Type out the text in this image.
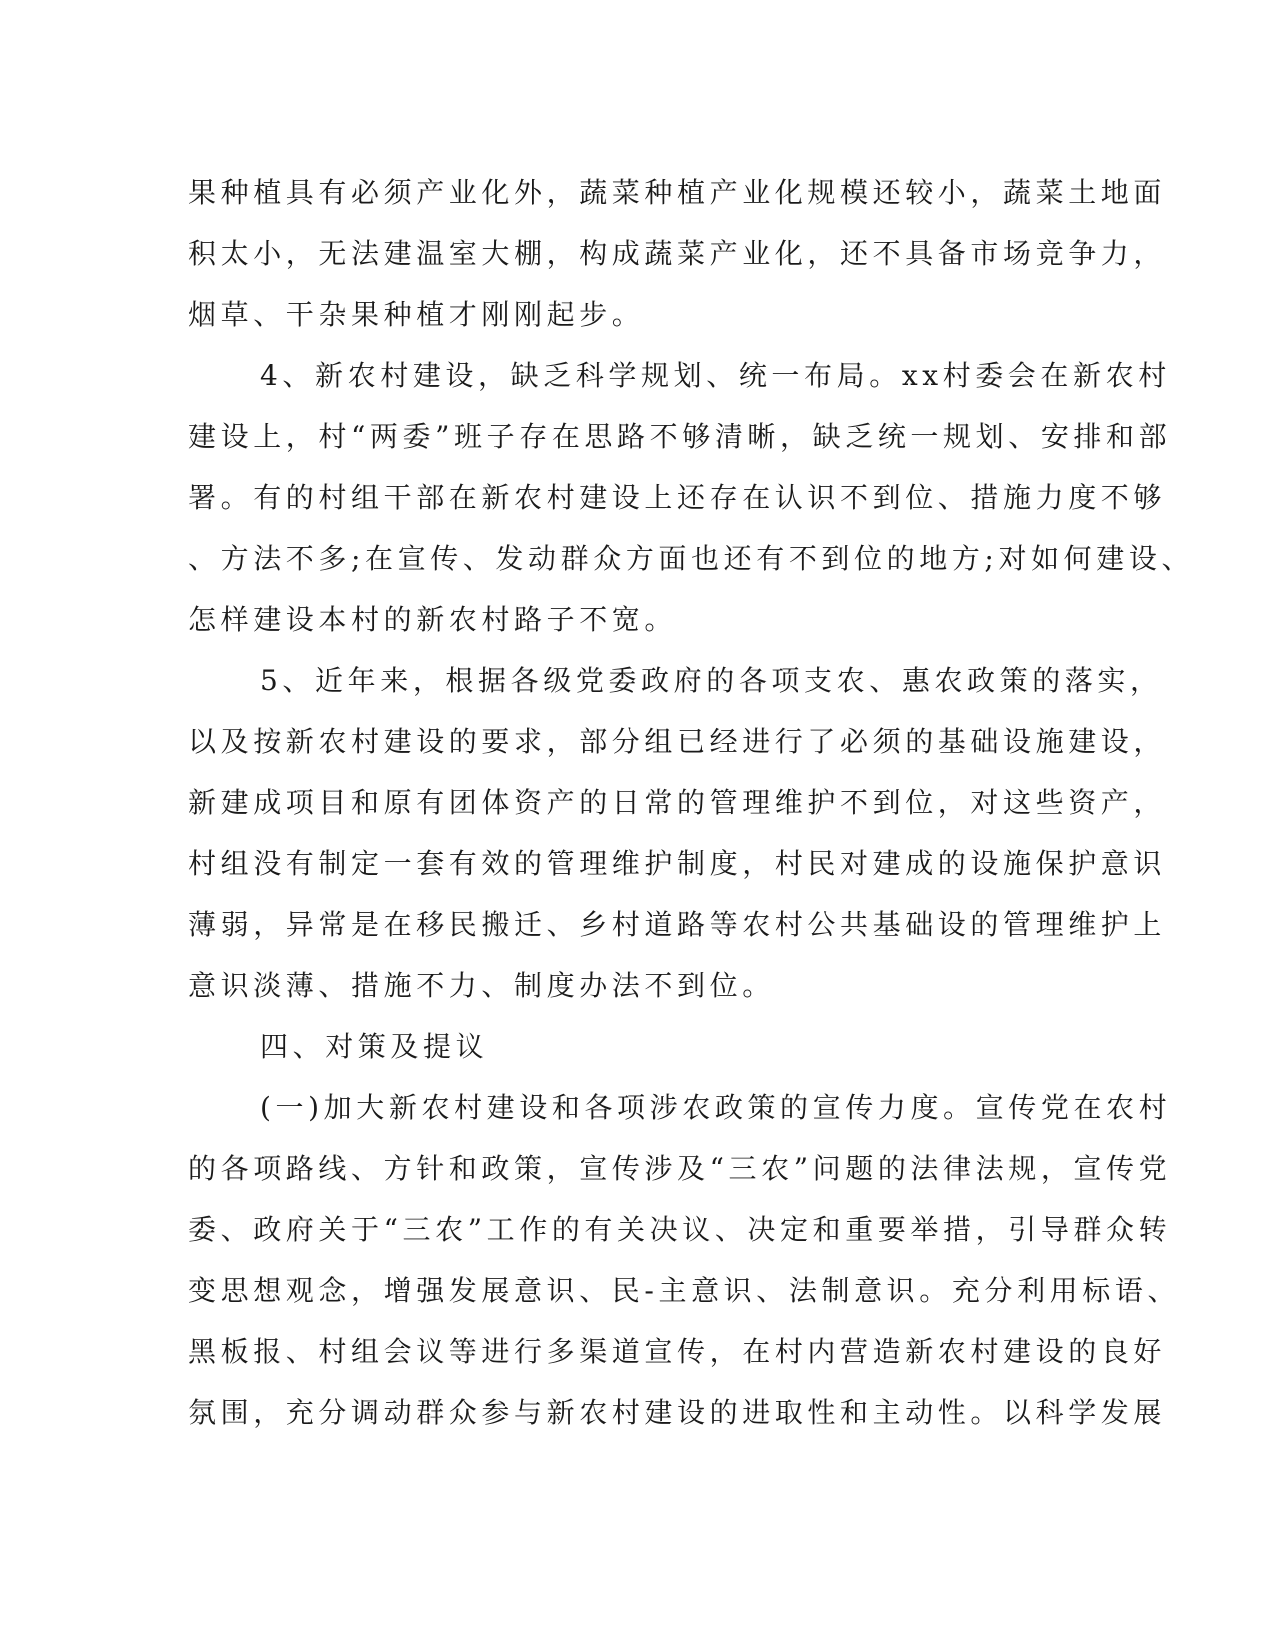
果种植具有必须产业化外，蔬菜种植产业化规模还较小，蔬菜土地面
积太小，无法建温室大棚，构成蔬菜产业化，还不具备市场竞争力，
烟草、干杂果种植才刚刚起步。
4、新农村建设，缺乏科学规划、统一布局。xx村委会在新农村
建设上，村“两委”班子存在思路不够清晰，缺乏统一规划、安排和部
署。有的村组干部在新农村建设上还存在认识不到位、措施力度不够
、方法不多;在宣传、发动群众方面也还有不到位的地方;对如何建设、
怎样建设本村的新农村路子不宽。
5、近年来，根据各级党委政府的各项支农、惠农政策的落实，
以及按新农村建设的要求，部分组已经进行了必须的基础设施建设，
新建成项目和原有团体资产的日常的管理维护不到位，对这些资产，
村组没有制定一套有效的管理维护制度，村民对建成的设施保护意识
薄弱，异常是在移民搬迁、乡村道路等农村公共基础设的管理维护上
意识淡薄、措施不力、制度办法不到位。
四、对策及提议
(一)加大新农村建设和各项涉农政策的宣传力度。宣传党在农村
的各项路线、方针和政策，宣传涉及“三农”问题的法律法规，宣传党
委、政府关于“三农”工作的有关决议、决定和重要举措，引导群众转
变思想观念，增强发展意识、民-主意识、法制意识。充分利用标语、
黑板报、村组会议等进行多渠道宣传，在村内营造新农村建设的良好
氛围，充分调动群众参与新农村建设的进取性和主动性。以科学发展
